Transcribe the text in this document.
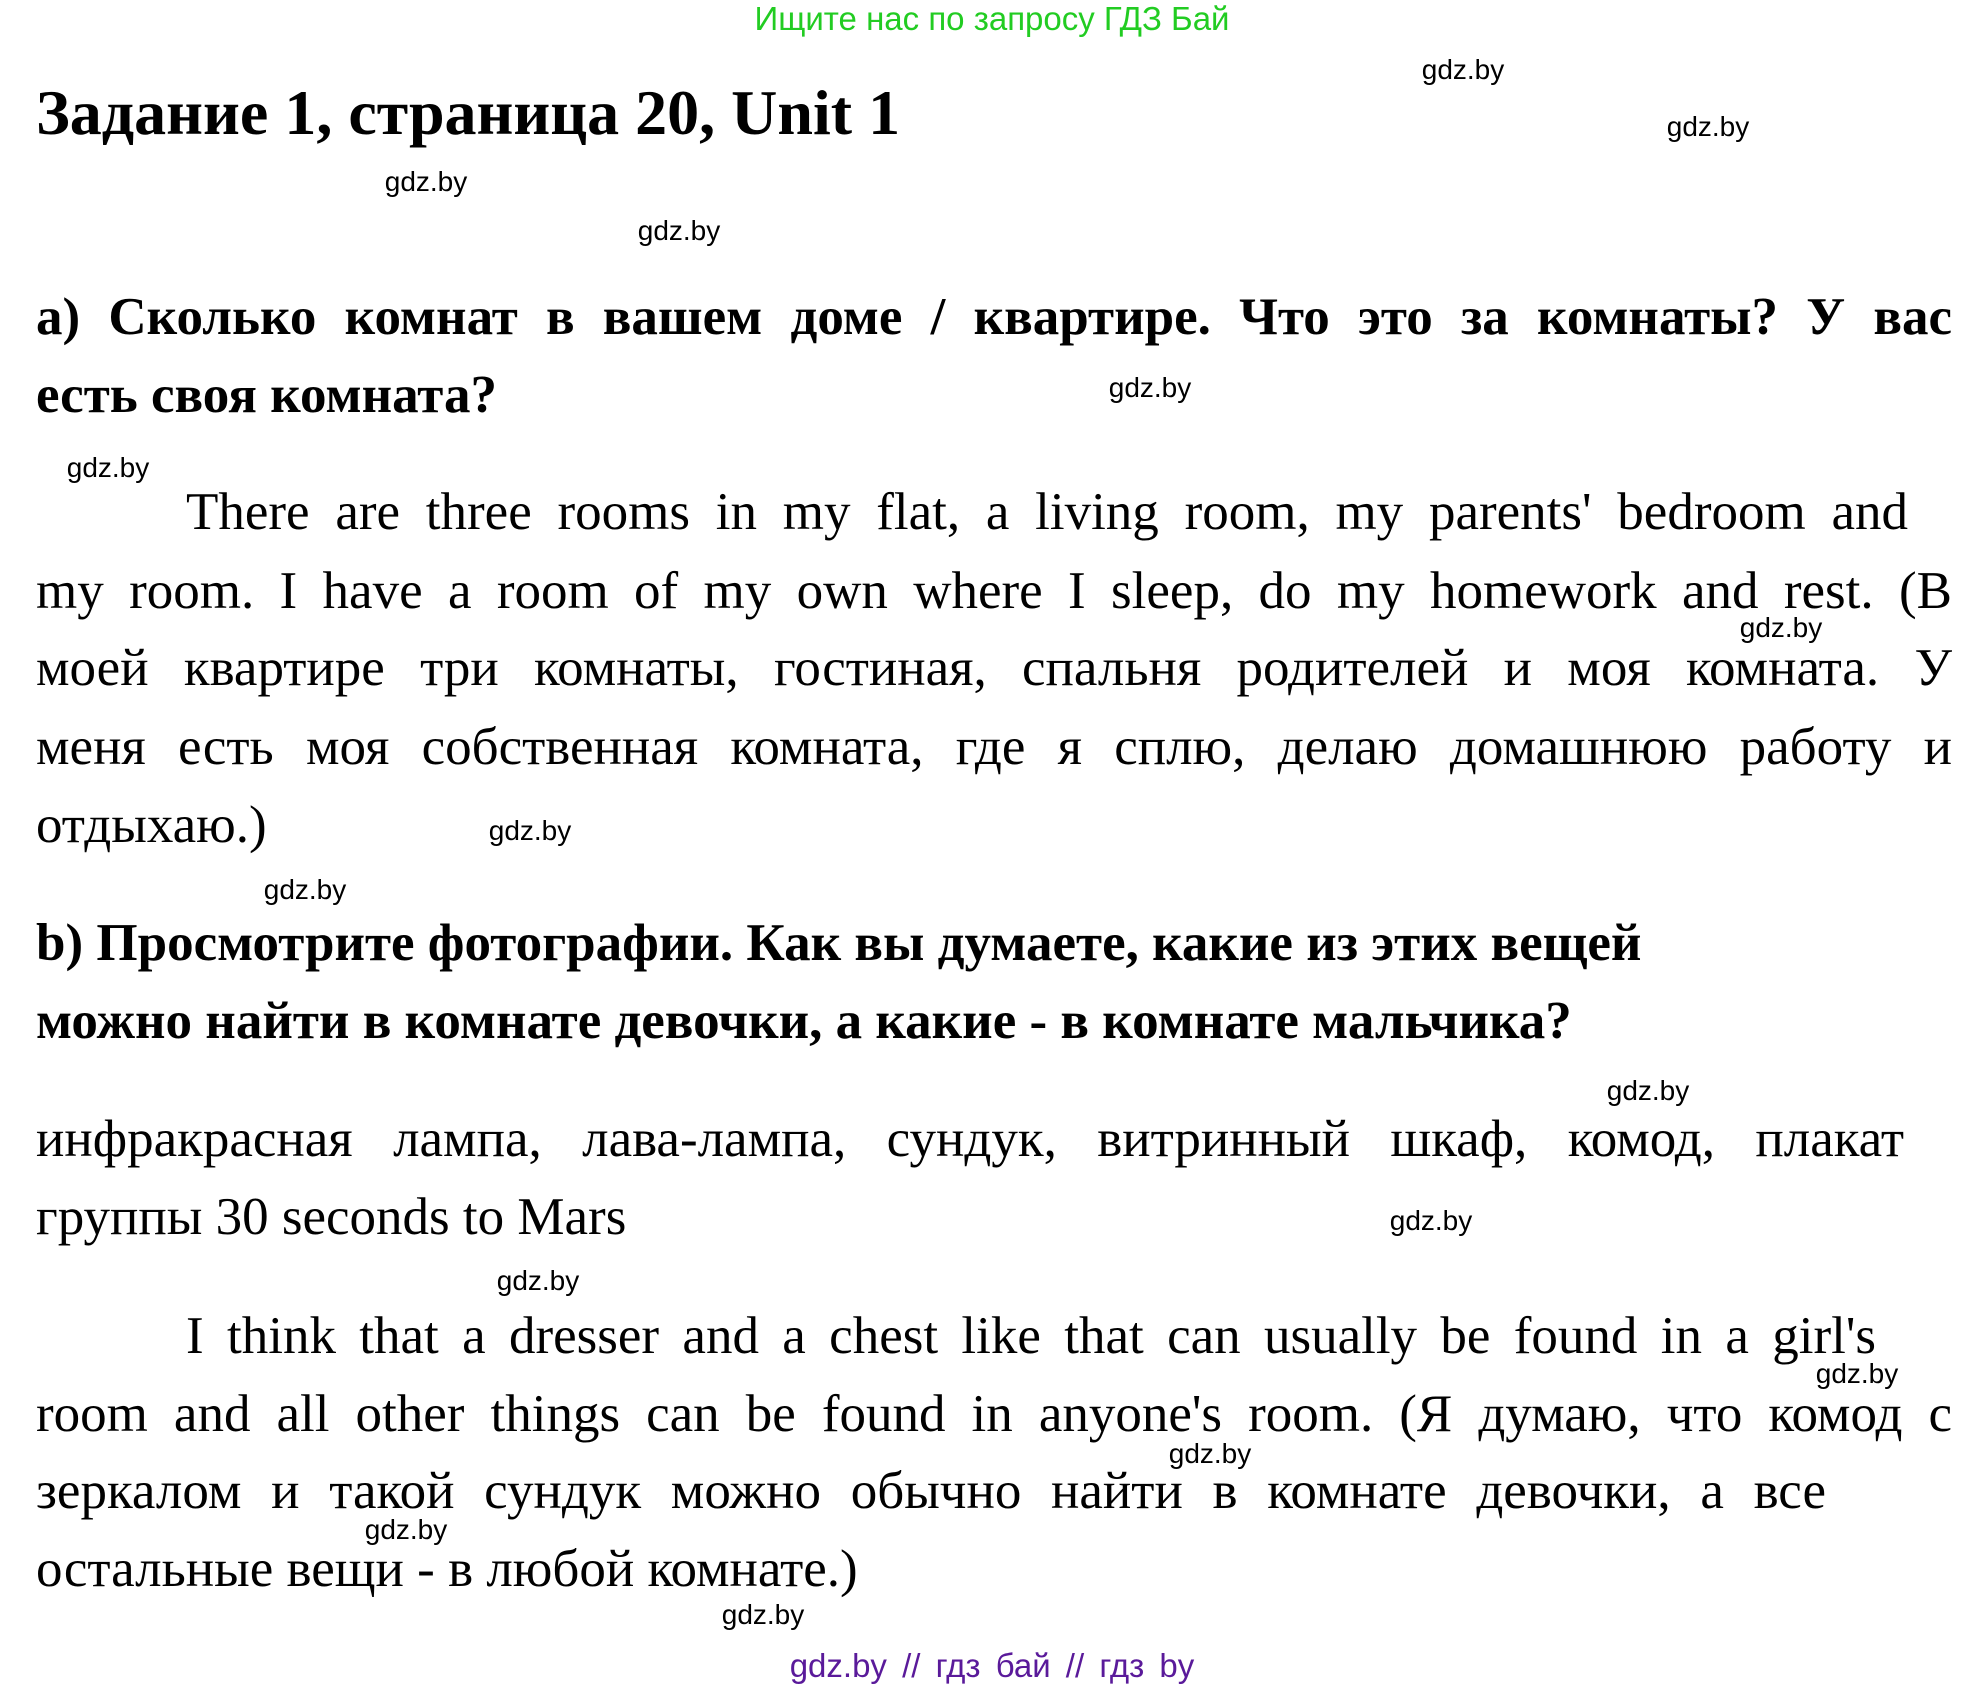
Ищите нас по запросу ГДЗ Бай
Задание 1, страница 20, Unit 1
а) Сколько комнат в вашем доме / квартире. Что это за комнаты? У вас
есть своя комната?
There are three rooms in my flat, a living room, my parents' bedroom and
my room. I have a room of my own where I sleep, do my homework and rest. (В
моей квартире три комнаты, гостиная, спальня родителей и моя комната. У
меня есть моя собственная комната, где я сплю, делаю домашнюю работу и
отдыхаю.)
b) Просмотрите фотографии. Как вы думаете, какие из этих вещей
можно найти в комнате девочки, а какие - в комнате мальчика?
инфракрасная лампа, лава-лампа, сундук, витринный шкаф, комод, плакат
группы 30 seconds to Mars
I think that a dresser and a chest like that can usually be found in a girl's
room and all other things can be found in anyone's room. (Я думаю, что комод с
зеркалом и такой сундук можно обычно найти в комнате девочки, а все
остальные вещи - в любой комнате.)
gdz.by
gdz.by
gdz.by
gdz.by
gdz.by
gdz.by
gdz.by
gdz.by
gdz.by
gdz.by
gdz.by
gdz.by
gdz.by
gdz.by
gdz.by
gdz.by
gdz.by // гдз бай // гдз by
